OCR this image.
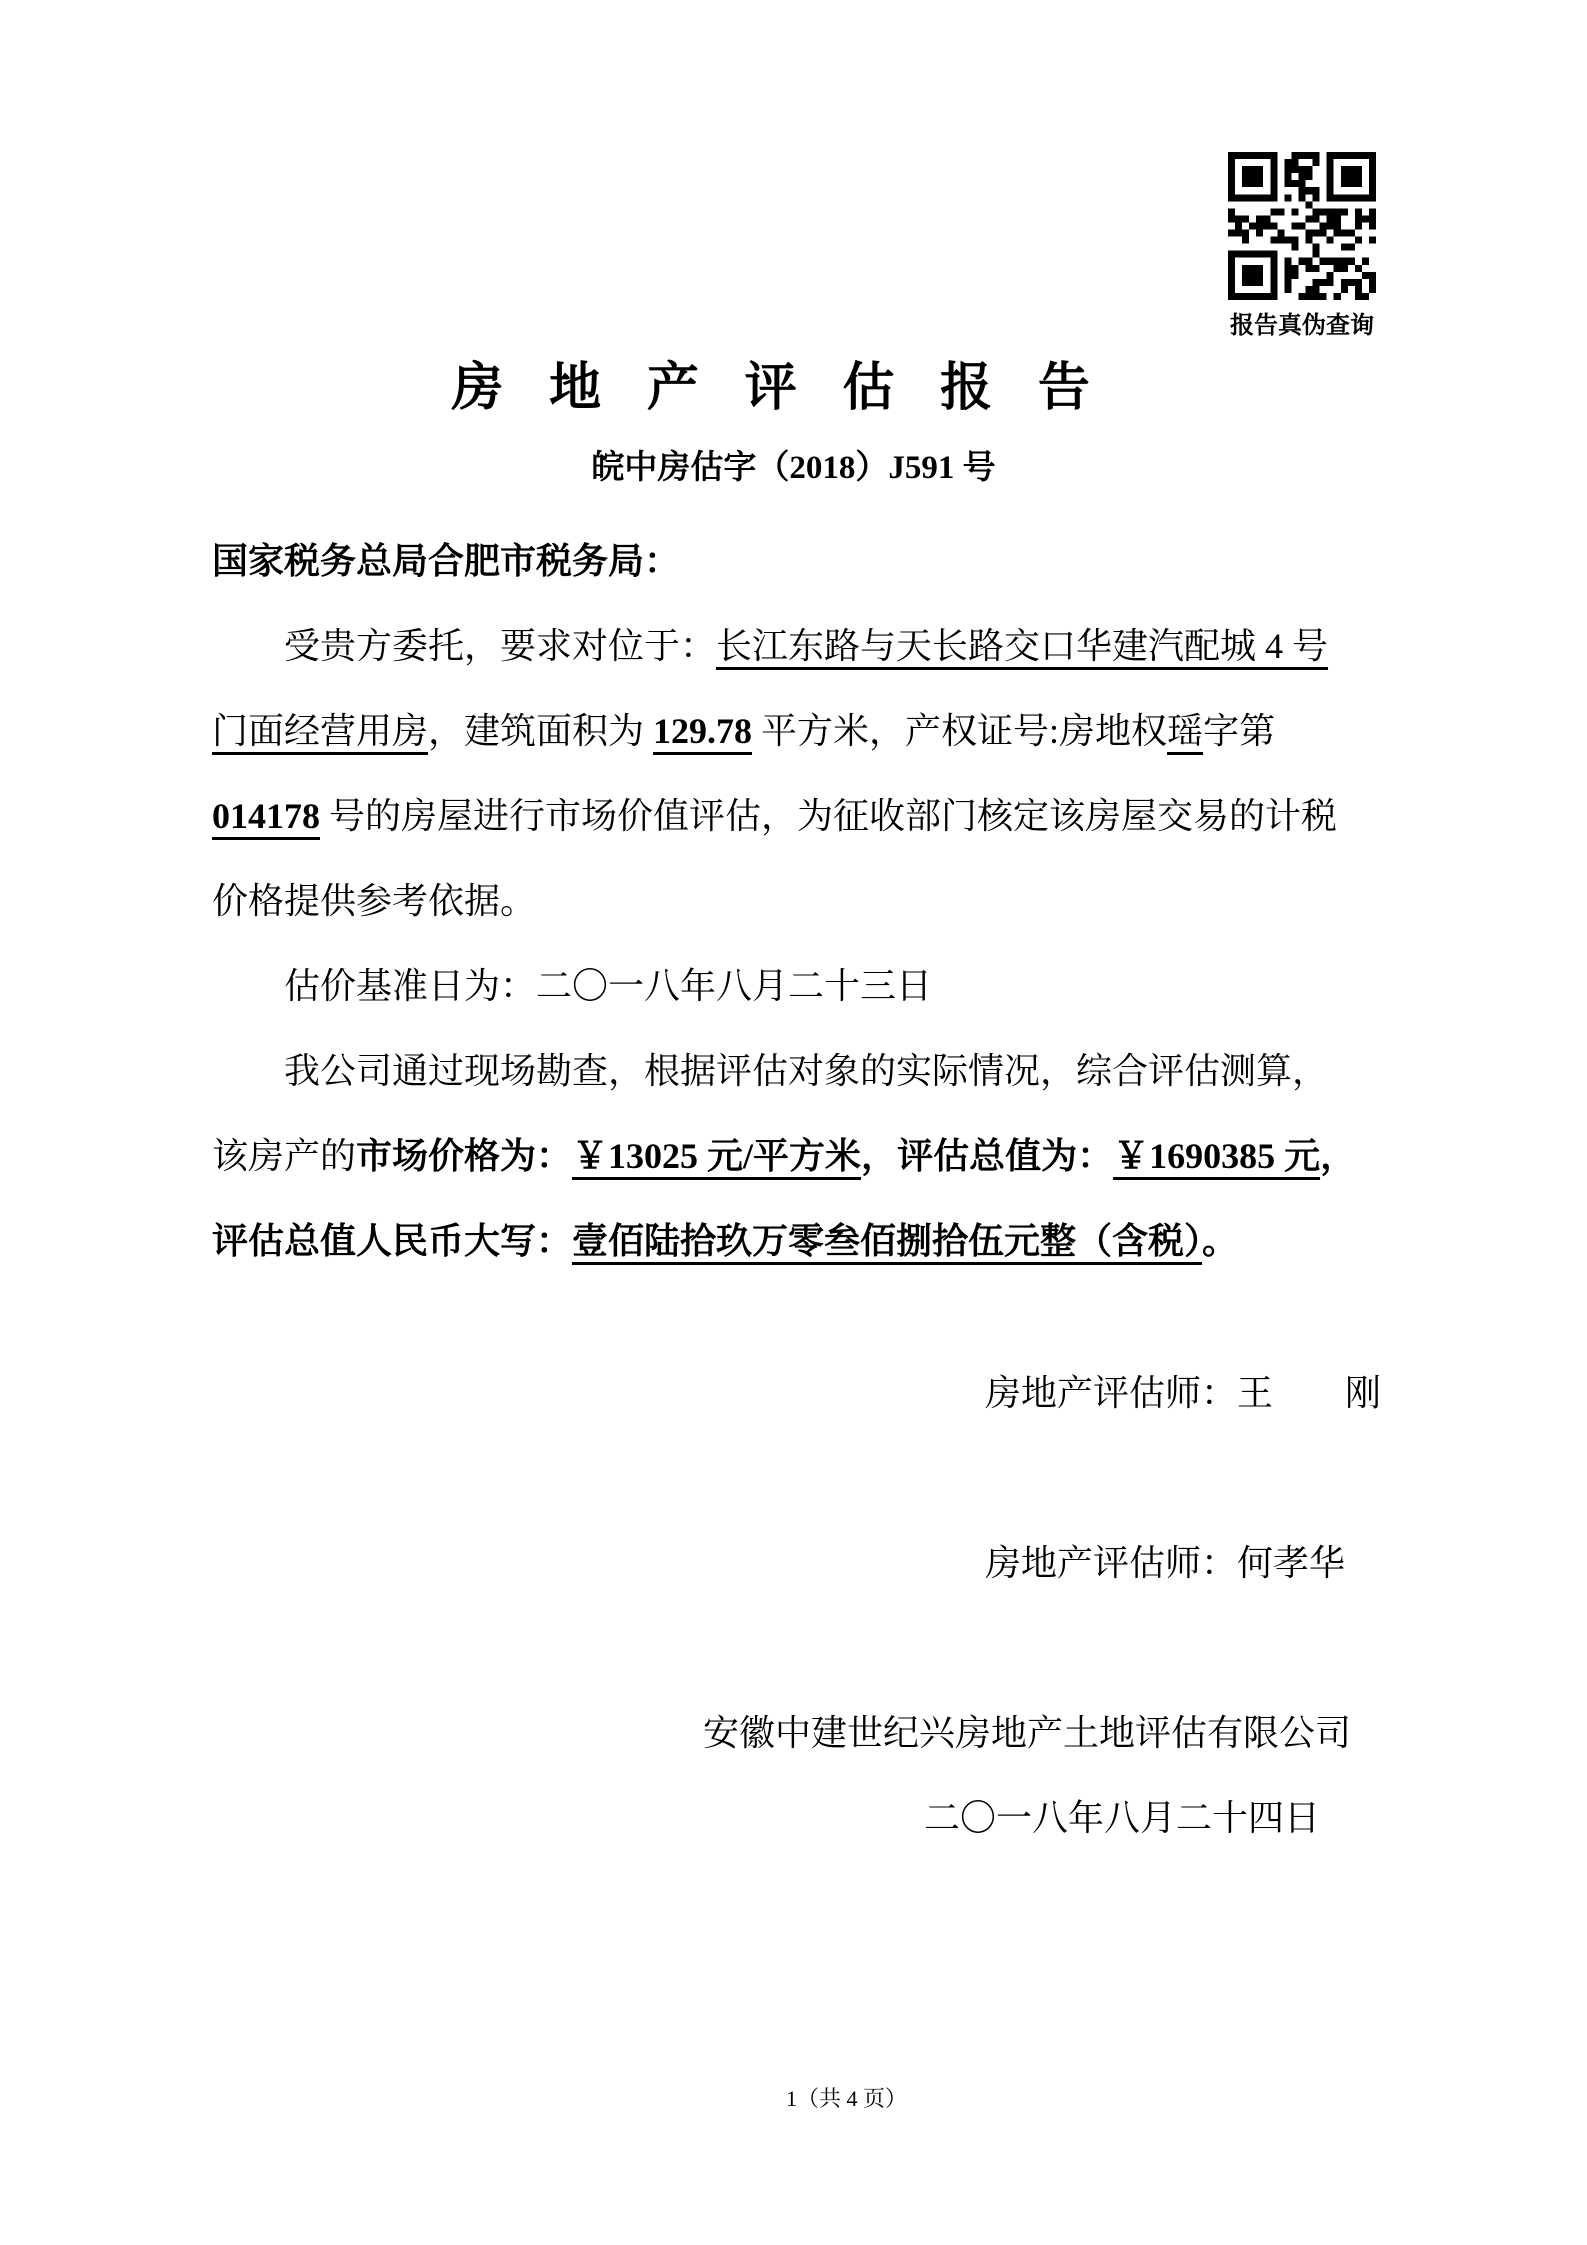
报告真伪查询
房地产评估报告
皖中房估字（2018）J591 号
国家税务总局合肥市税务局：
受贵方委托，要求对位于：长江东路与天长路交口华建汽配城 4 号
门面经营用房，建筑面积为 129.78 平方米，产权证号:房地权瑶字第
014178 号的房屋进行市场价值评估，为征收部门核定该房屋交易的计税
价格提供参考依据。
估价基准日为：二〇一八年八月二十三日
我公司通过现场勘查，根据评估对象的实际情况，综合评估测算，
该房产的市场价格为：￥13025 元/平方米，评估总值为：￥1690385 元，
评估总值人民币大写：壹佰陆拾玖万零叁佰捌拾伍元整（含税）。
房地产评估师：王　　刚
房地产评估师：何孝华
安徽中建世纪兴房地产土地评估有限公司
二〇一八年八月二十四日
1（共 4 页）
